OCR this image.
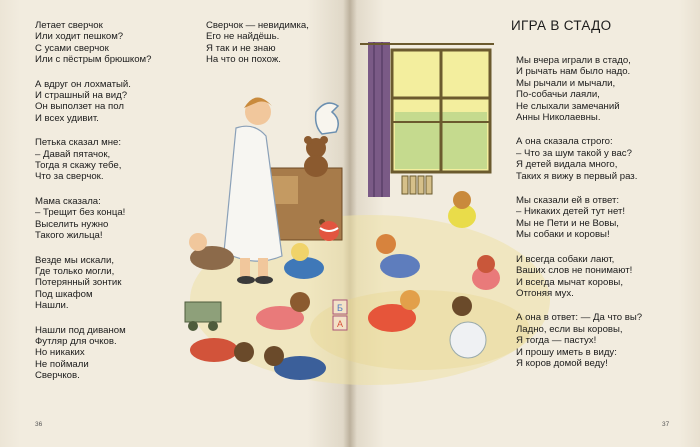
Б
А
Летает сверчок
Или ходит пешком?
С усами сверчок
Или с пёстрым брюшком?
А вдруг он лохматый.
И страшный на вид?
Он выползет на пол
И всех удивит.
Петька сказал мне:
– Давай пятачок,
Тогда я скажу тебе,
Что за сверчок.
Мама сказала:
– Трещит без конца!
Выселить нужно
Такого жильца!
Везде мы искали,
Где только могли,
Потерянный зонтик
Под шкафом
Нашли.
Нашли под диваном
Футляр для очков.
Но никаких
Не поймали
Сверчков.
Сверчок — невидимка,
Его не найдёшь.
Я так и не знаю
На что он похож.
ИГРА В СТАДО
Мы вчера играли в стадо,
И рычать нам было надо.
Мы рычали и мычали,
По-собачьи лаяли,
Не слыхали замечаний
Анны Николаевны.
А она сказала строго:
– Что за шум такой у вас?
Я детей видала много,
Таких я вижу в первый раз.
Мы сказали ей в ответ:
– Никаких детей тут нет!
Мы не Пети и не Вовы,
Мы собаки и коровы!
И всегда собаки лают,
Ваших слов не понимают!
И всегда мычат коровы,
Отгоняя мух.
А она в ответ: — Да что вы?
Ладно, если вы коровы,
Я тогда — пастух!
И прошу иметь в виду:
Я коров домой веду!
36	37
